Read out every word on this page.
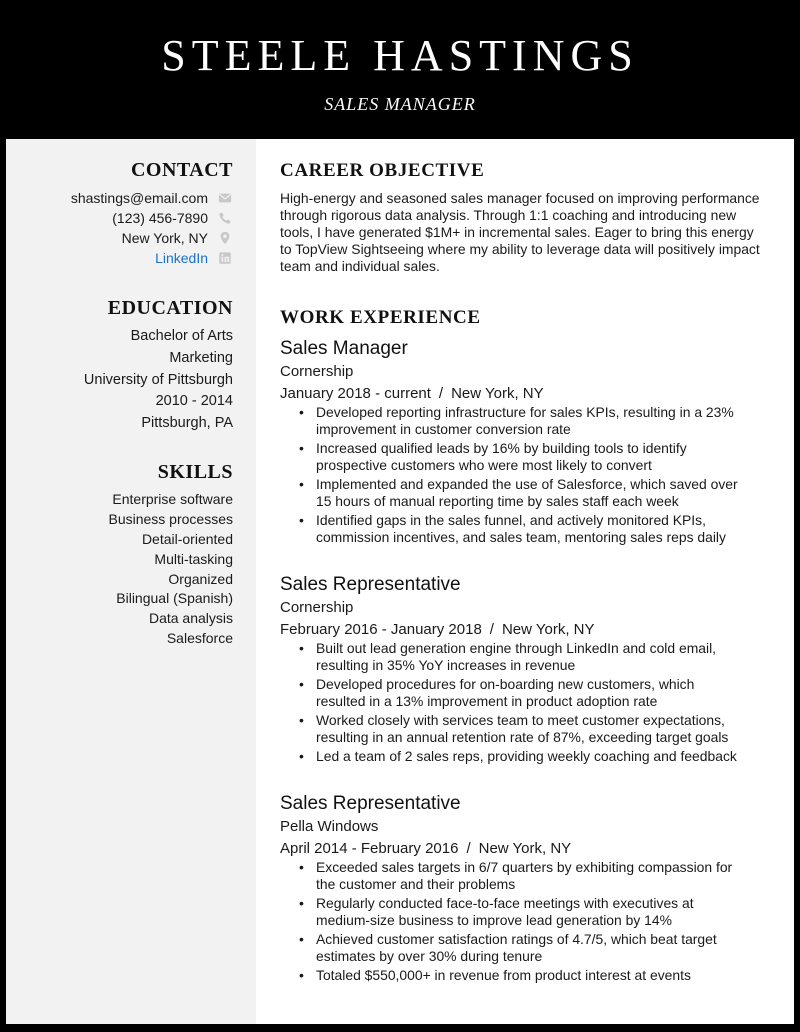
STEELE HASTINGS
SALES MANAGER
CONTACT
shastings@email.com
(123) 456-7890
New York, NY
LinkedIn
EDUCATION
Bachelor of Arts
Marketing
University of Pittsburgh
2010 - 2014
Pittsburgh, PA
SKILLS
Enterprise software
Business processes
Detail-oriented
Multi-tasking
Organized
Bilingual (Spanish)
Data analysis
Salesforce
CAREER OBJECTIVE
High-energy and seasoned sales manager focused on improving performance through rigorous data analysis. Through 1:1 coaching and introducing new tools, I have generated $1M+ in incremental sales. Eager to bring this energy to TopView Sightseeing where my ability to leverage data will positively impact team and individual sales.
WORK EXPERIENCE
Sales Manager
Cornership
January 2018 - current / New York, NY
• Developed reporting infrastructure for sales KPIs, resulting in a 23% improvement in customer conversion rate
• Increased qualified leads by 16% by building tools to identify prospective customers who were most likely to convert
• Implemented and expanded the use of Salesforce, which saved over 15 hours of manual reporting time by sales staff each week
• Identified gaps in the sales funnel, and actively monitored KPIs, commission incentives, and sales team, mentoring sales reps daily
Sales Representative
Cornership
February 2016 - January 2018 / New York, NY
• Built out lead generation engine through LinkedIn and cold email, resulting in 35% YoY increases in revenue
• Developed procedures for on-boarding new customers, which resulted in a 13% improvement in product adoption rate
• Worked closely with services team to meet customer expectations, resulting in an annual retention rate of 87%, exceeding target goals
• Led a team of 2 sales reps, providing weekly coaching and feedback
Sales Representative
Pella Windows
April 2014 - February 2016 / New York, NY
• Exceeded sales targets in 6/7 quarters by exhibiting compassion for the customer and their problems
• Regularly conducted face-to-face meetings with executives at medium-size business to improve lead generation by 14%
• Achieved customer satisfaction ratings of 4.7/5, which beat target estimates by over 30% during tenure
• Totaled $550,000+ in revenue from product interest at events
